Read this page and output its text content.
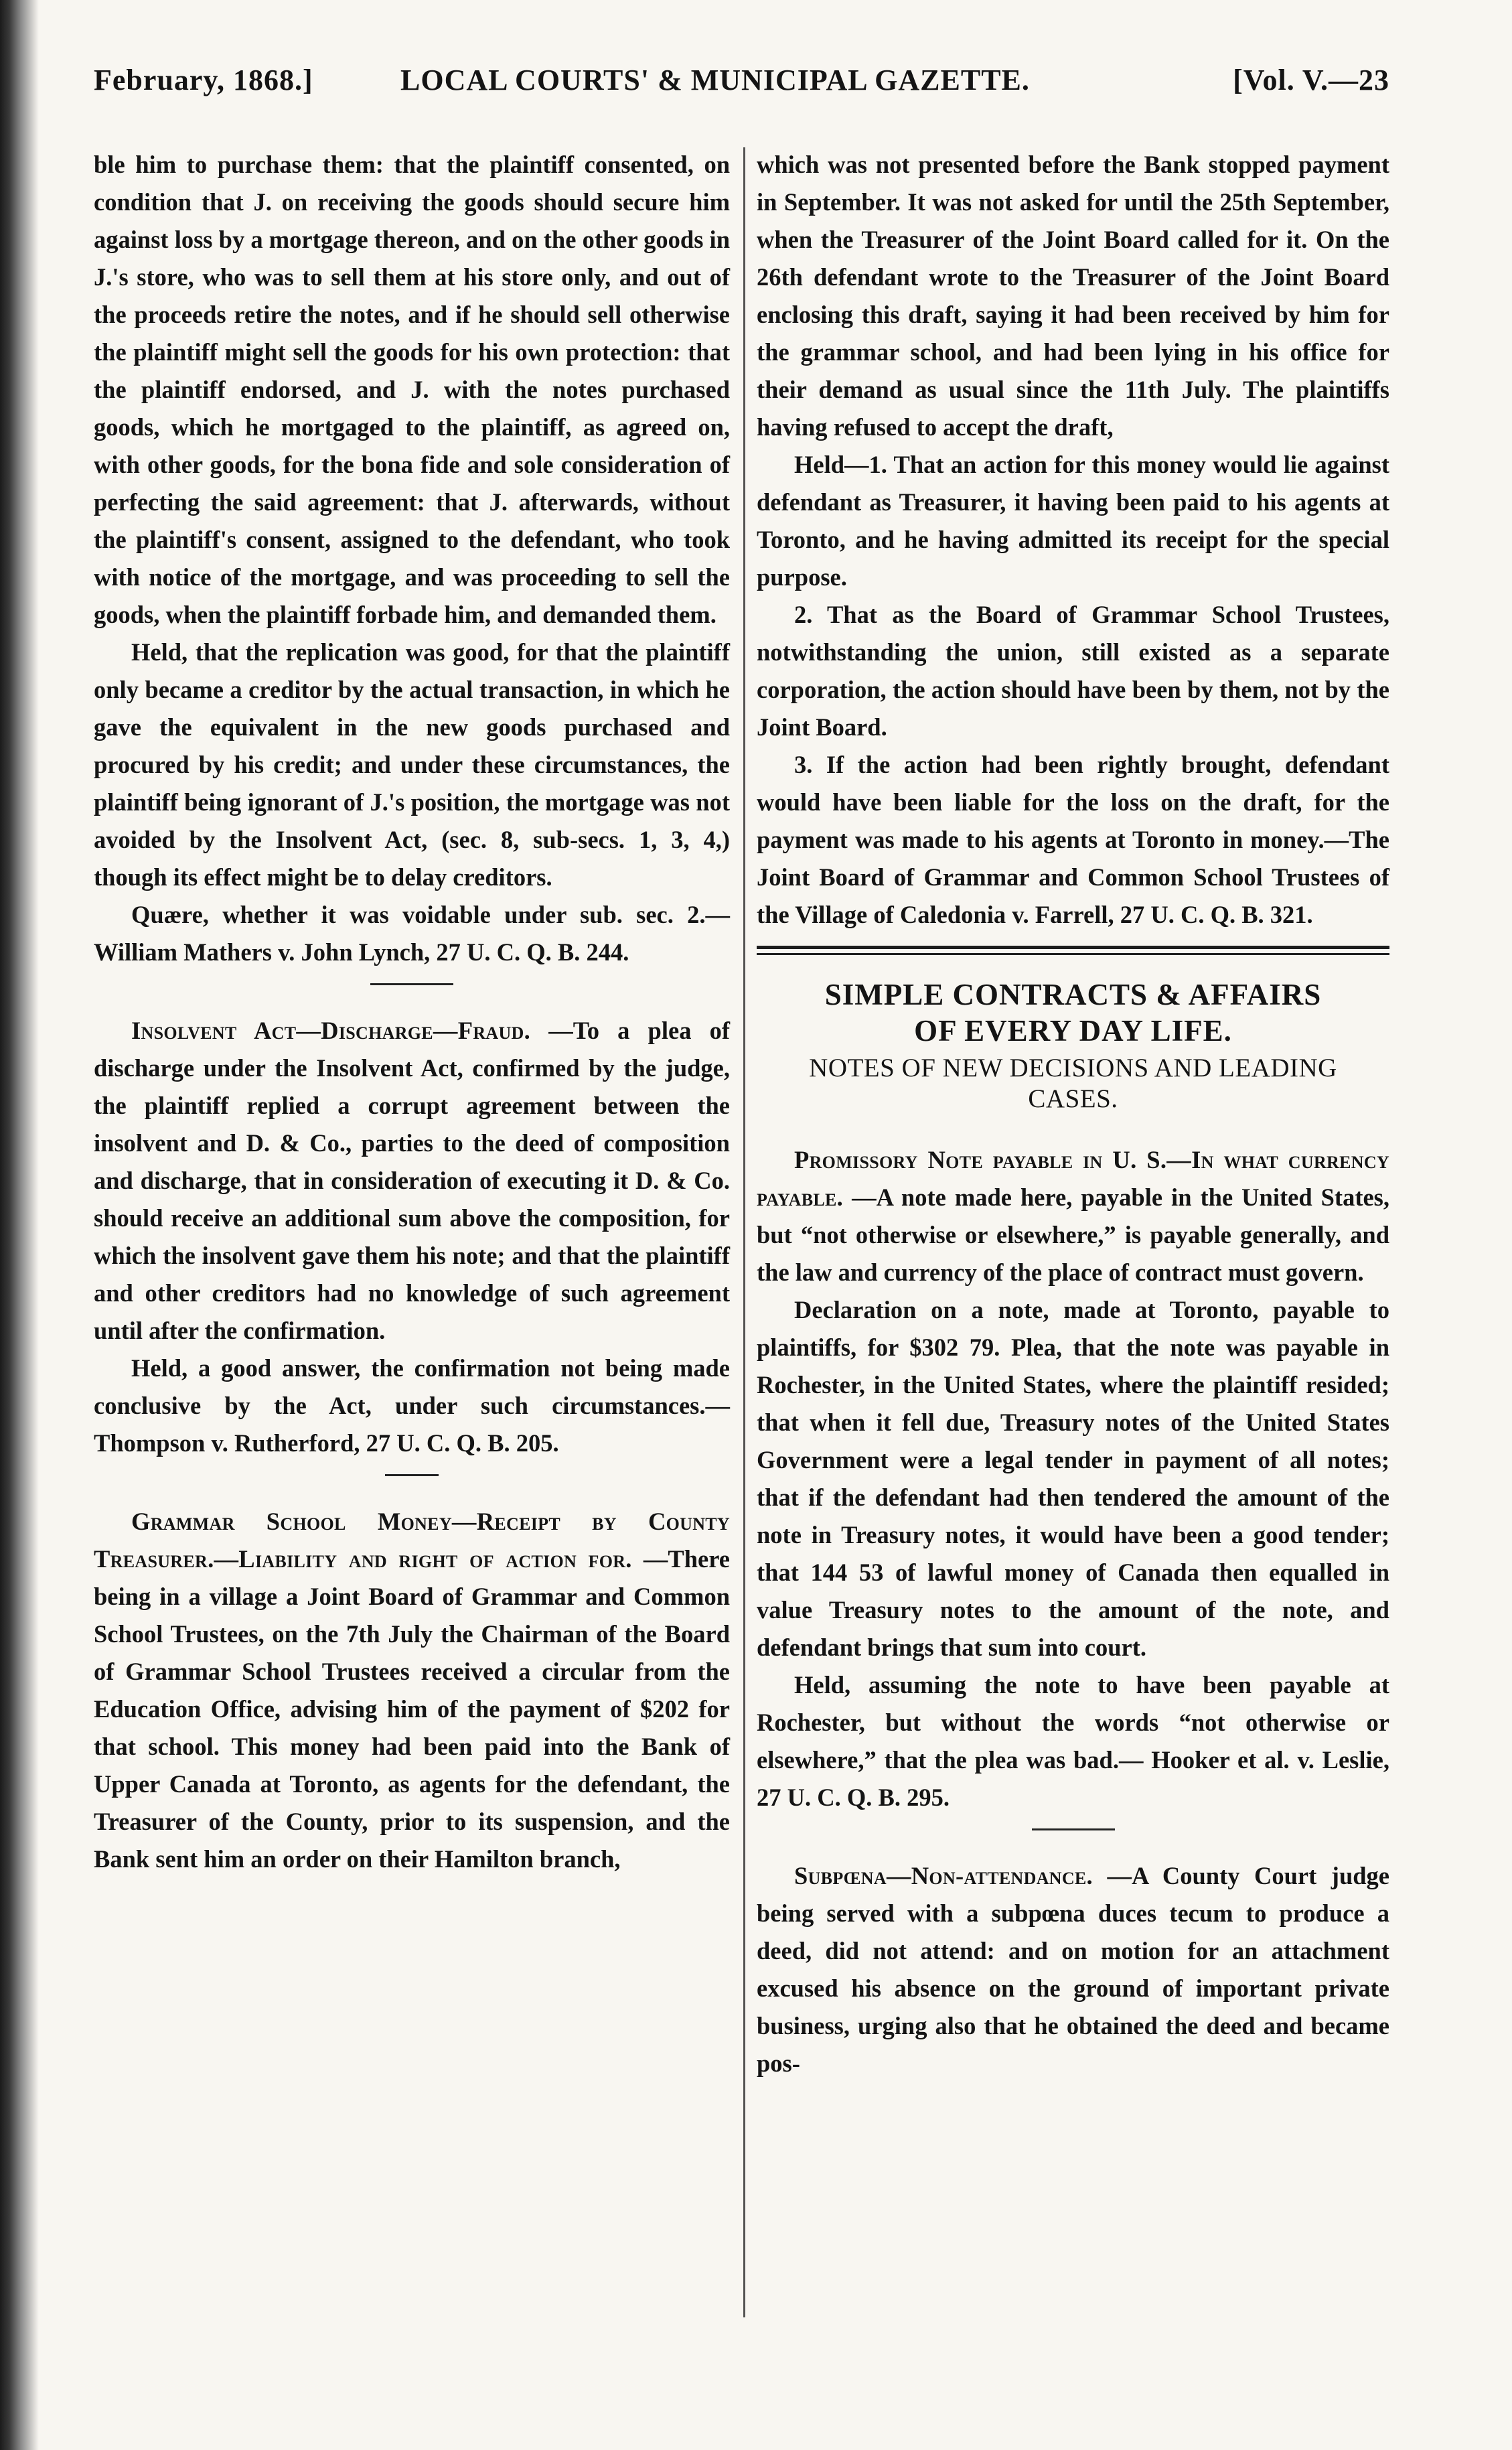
February, 1868.]	LOCAL COURTS' & MUNICIPAL GAZETTE.	[Vol. V.—23

ble him to purchase them: that the plaintiff consented, on condition that J. on receiving the goods should secure him against loss by a mortgage thereon, and on the other goods in J.'s store, who was to sell them at his store only, and out of the proceeds retire the notes, and if he should sell otherwise the plaintiff might sell the goods for his own protection: that the plaintiff endorsed, and J. with the notes purchased goods, which he mortgaged to the plaintiff, as agreed on, with other goods, for the bona fide and sole consideration of perfecting the said agreement: that J. afterwards, without the plaintiff's consent, assigned to the defendant, who took with notice of the mortgage, and was proceeding to sell the goods, when the plaintiff forbade him, and demanded them.

Held, that the replication was good, for that the plaintiff only became a creditor by the actual transaction, in which he gave the equivalent in the new goods purchased and procured by his credit; and under these circumstances, the plaintiff being ignorant of J.'s position, the mortgage was not avoided by the Insolvent Act, (sec. 8, sub-secs. 1, 3, 4,) though its effect might be to delay creditors.

Quære, whether it was voidable under sub. sec. 2.—William Mathers v. John Lynch, 27 U. C. Q. B. 244.

Insolvent Act—Discharge—Fraud. —To a plea of discharge under the Insolvent Act, confirmed by the judge, the plaintiff replied a corrupt agreement between the insolvent and D. & Co., parties to the deed of composition and discharge, that in consideration of executing it D. & Co. should receive an additional sum above the composition, for which the insolvent gave them his note; and that the plaintiff and other creditors had no knowledge of such agreement until after the confirmation.

Held, a good answer, the confirmation not being made conclusive by the Act, under such circumstances.—Thompson v. Rutherford, 27 U. C. Q. B. 205.

Grammar School Money—Receipt by County Treasurer.—Liability and right of action for. —There being in a village a Joint Board of Grammar and Common School Trustees, on the 7th July the Chairman of the Board of Grammar School Trustees received a circular from the Education Office, advising him of the payment of $202 for that school. This money had been paid into the Bank of Upper Canada at Toronto, as agents for the defendant, the Treasurer of the County, prior to its suspension, and the Bank sent him an order on their Hamilton branch,

which was not presented before the Bank stopped payment in September. It was not asked for until the 25th September, when the Treasurer of the Joint Board called for it. On the 26th defendant wrote to the Treasurer of the Joint Board enclosing this draft, saying it had been received by him for the grammar school, and had been lying in his office for their demand as usual since the 11th July. The plaintiffs having refused to accept the draft,

Held—1. That an action for this money would lie against defendant as Treasurer, it having been paid to his agents at Toronto, and he having admitted its receipt for the special purpose.

2. That as the Board of Grammar School Trustees, notwithstanding the union, still existed as a separate corporation, the action should have been by them, not by the Joint Board.

3. If the action had been rightly brought, defendant would have been liable for the loss on the draft, for the payment was made to his agents at Toronto in money.—The Joint Board of Grammar and Common School Trustees of the Village of Caledonia v. Farrell, 27 U. C. Q. B. 321.

SIMPLE CONTRACTS & AFFAIRS
OF EVERY DAY LIFE.
NOTES OF NEW DECISIONS AND LEADING
CASES.

Promissory Note payable in U. S.—In what currency payable. —A note made here, payable in the United States, but “not otherwise or elsewhere,” is payable generally, and the law and currency of the place of contract must govern.

Declaration on a note, made at Toronto, payable to plaintiffs, for $302 79. Plea, that the note was payable in Rochester, in the United States, where the plaintiff resided; that when it fell due, Treasury notes of the United States Government were a legal tender in payment of all notes; that if the defendant had then tendered the amount of the note in Treasury notes, it would have been a good tender; that 144 53 of lawful money of Canada then equalled in value Treasury notes to the amount of the note, and defendant brings that sum into court.

Held, assuming the note to have been payable at Rochester, but without the words “not otherwise or elsewhere,” that the plea was bad.— Hooker et al. v. Leslie, 27 U. C. Q. B. 295.

Subpœna—Non-attendance. —A County Court judge being served with a subpœna duces tecum to produce a deed, did not attend: and on motion for an attachment excused his absence on the ground of important private business, urging also that he obtained the deed and became pos-
